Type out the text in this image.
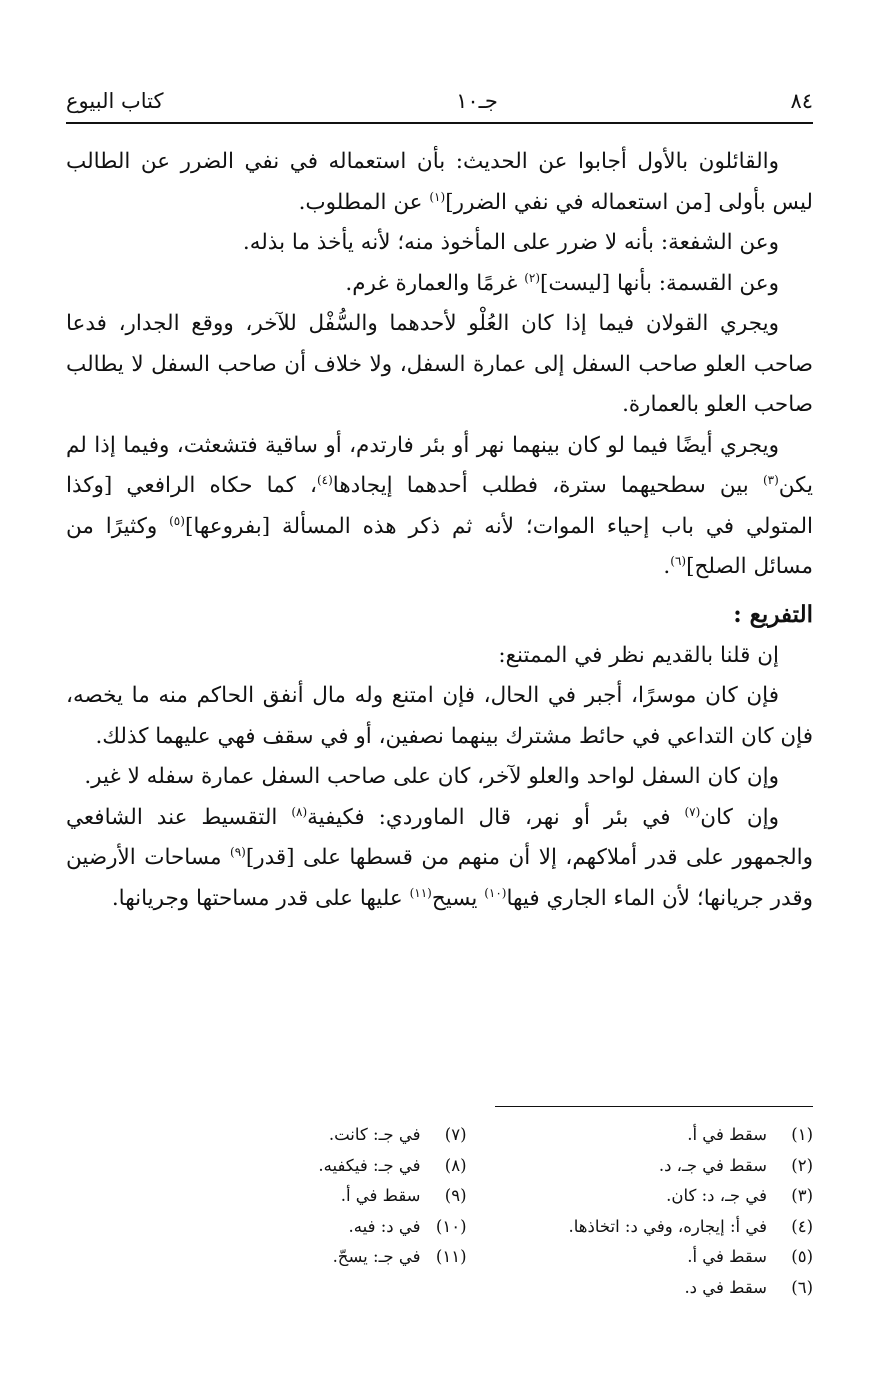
٨٤
جـ١٠
كتاب البيوع

والقائلون بالأول أجابوا عن الحديث: بأن استعماله في نفي الضرر عن الطالب ليس بأولى [من استعماله في نفي الضرر]$^{(١)}$ عن المطلوب.

وعن الشفعة: بأنه لا ضرر على المأخوذ منه؛ لأنه يأخذ ما بذله.

وعن القسمة: بأنها [ليست]$^{(٢)}$ غرمًا والعمارة غرم.

ويجري القولان فيما إذا كان العُلْو لأحدهما والسُّفْل للآخر، ووقع الجدار، فدعا صاحب العلو صاحب السفل إلى عمارة السفل، ولا خلاف أن صاحب السفل لا يطالب صاحب العلو بالعمارة.

ويجري أيضًا فيما لو كان بينهما نهر أو بئر فارتدم، أو ساقية فتشعثت، وفيما إذا لم يكن$^{(٣)}$ بين سطحيهما سترة، فطلب أحدهما إيجادها$^{(٤)}$، كما حكاه الرافعي [وكذا المتولي في باب إحياء الموات؛ لأنه ثم ذكر هذه المسألة [بفروعها]$^{(٥)}$ وكثيرًا من مسائل الصلح]$^{(٦)}$.

التفريع :

إن قلنا بالقديم نظر في الممتنع:

فإن كان موسرًا، أجبر في الحال، فإن امتنع وله مال أنفق الحاكم منه ما يخصه، فإن كان التداعي في حائط مشترك بينهما نصفين، أو في سقف فهي عليهما كذلك.

وإن كان السفل لواحد والعلو لآخر، كان على صاحب السفل عمارة سفله لا غير.

وإن كان$^{(٧)}$ في بئر أو نهر، قال الماوردي: فكيفية$^{(٨)}$ التقسيط عند الشافعي والجمهور على قدر أملاكهم، إلا أن منهم من قسطها على [قدر]$^{(٩)}$ مساحات الأرضين وقدر جريانها؛ لأن الماء الجاري فيها$^{(١٠)}$ يسيح$^{(١١)}$ عليها على قدر مساحتها وجريانها.

(١)سقط في أ.
(٢)سقط في جـ، د.
(٣)في جـ، د: كان.
(٤)في أ: إيجاره، وفي د: اتخاذها.
(٥)سقط في أ.
(٦)سقط في د.
(٧)في جـ: كانت.
(٨)في جـ: فيكفيه.
(٩)سقط في أ.
(١٠)في د: فيه.
(١١)في جـ: يسحّ.
